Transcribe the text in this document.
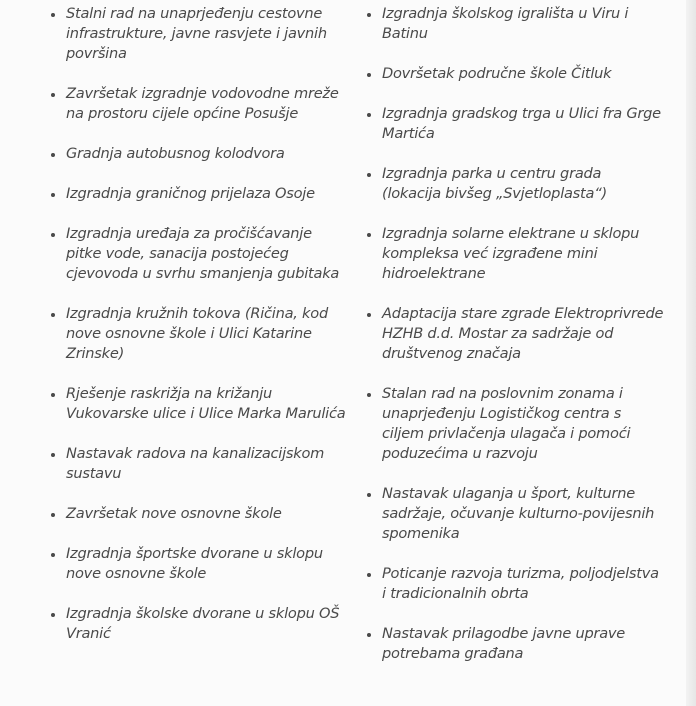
Stalni rad na unaprjeđenju cestovne infrastrukture, javne rasvjete i javnih površina
Završetak izgradnje vodovodne mreže na prostoru cijele općine Posušje
Gradnja autobusnog kolodvora
Izgradnja graničnog prijelaza Osoje
Izgradnja uređaja za pročišćavanje pitke vode, sanacija postojećeg cjevovoda u svrhu smanjenja gubitaka
Izgradnja kružnih tokova (Ričina, kod nove osnovne škole i Ulici Katarine Zrinske)
Rješenje raskrižja na križanju Vukovarske ulice i Ulice Marka Marulića
Nastavak radova na kanalizacijskom sustavu
Završetak nove osnovne škole
Izgradnja športske dvorane u sklopu nove osnovne škole
Izgradnja školske dvorane u sklopu OŠ Vranić
Izgradnja školskog igrališta u Viru i Batinu
Dovršetak područne škole Čitluk
Izgradnja gradskog trga u Ulici fra Grge Martića
Izgradnja parka u centru grada (lokacija bivšeg „Svjetloplasta“)
Izgradnja solarne elektrane u sklopu kompleksa već izgrađene mini hidroelektrane
Adaptacija stare zgrade Elektroprivrede HZHB d.d. Mostar za sadržaje od društvenog značaja
Stalan rad na poslovnim zonama i unaprjeđenju Logističkog centra s ciljem privlačenja ulagača i pomoći poduzećima u razvoju
Nastavak ulaganja u šport, kulturne sadržaje, očuvanje kulturno-povijesnih spomenika
Poticanje razvoja turizma, poljodjelstva i tradicionalnih obrta
Nastavak prilagodbe javne uprave potrebama građana
